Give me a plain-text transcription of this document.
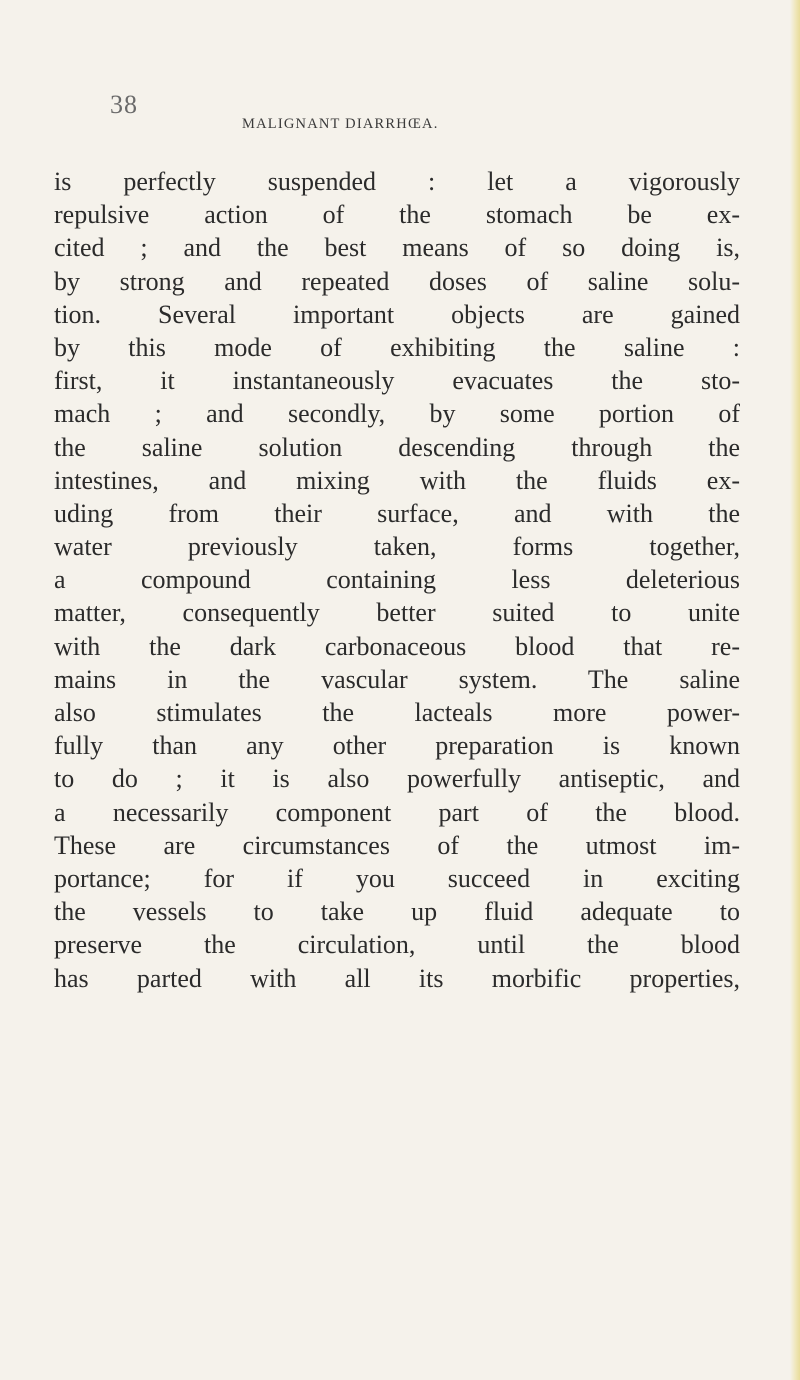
38
MALIGNANT DIARRHŒA.
is perfectly suspended : let a vigorously
repulsive action of the stomach be ex-
cited ; and the best means of so doing is,
by strong and repeated doses of saline solu-
tion. Several important objects are gained
by this mode of exhibiting the saline :
first, it instantaneously evacuates the sto-
mach ; and secondly, by some portion of
the saline solution descending through the
intestines, and mixing with the fluids ex-
uding from their surface, and with the
water previously taken, forms together,
a compound containing less deleterious
matter, consequently better suited to unite
with the dark carbonaceous blood that re-
mains in the vascular system. The saline
also stimulates the lacteals more power-
fully than any other preparation is known
to do ; it is also powerfully antiseptic, and
a necessarily component part of the blood.
These are circumstances of the utmost im-
portance; for if you succeed in exciting
the vessels to take up fluid adequate to
preserve the circulation, until the blood
has parted with all its morbific properties,
